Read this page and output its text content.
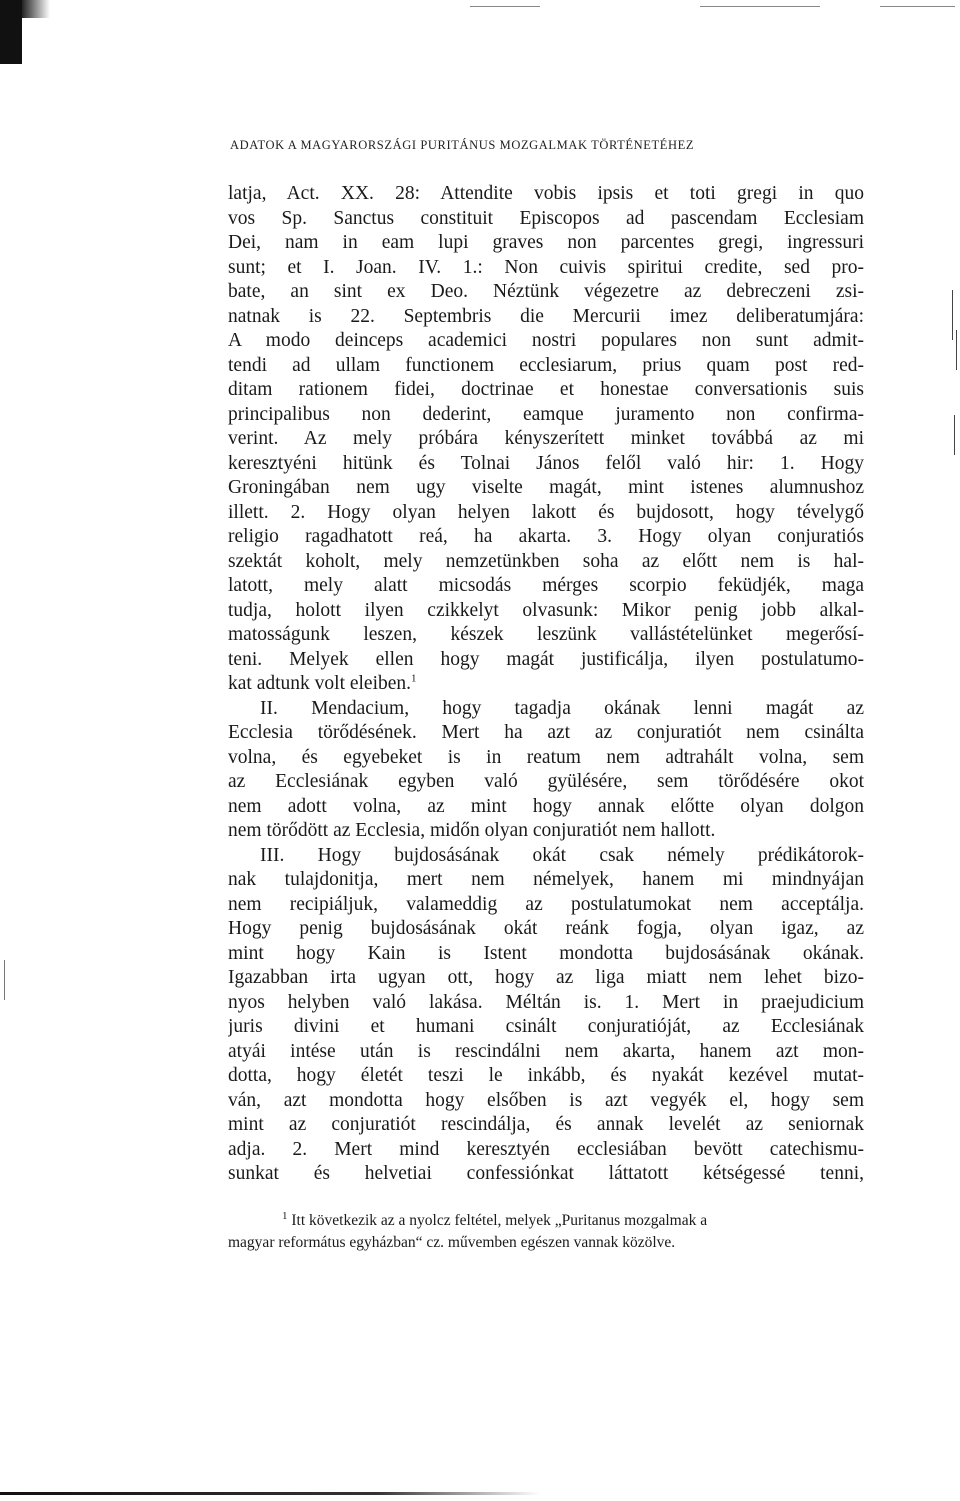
ADATOK A MAGYARORSZÁGI PURITÁNUS MOZGALMAK TÖRTÉNETÉHEZ
latja, Act. XX. 28: Attendite vobis ipsis et toti gregi in quo
vos Sp. Sanctus constituit Episcopos ad pascendam Ecclesiam
Dei, nam in eam lupi graves non parcentes gregi, ingressuri
sunt; et I. Joan. IV. 1.: Non cuivis spiritui credite, sed pro-
bate, an sint ex Deo. Néztünk végezetre az debreczeni zsi-
natnak is 22. Septembris die Mercurii imez deliberatumjára:
A modo deinceps academici nostri populares non sunt admit-
tendi ad ullam functionem ecclesiarum, prius quam post red-
ditam rationem fidei, doctrinae et honestae conversationis suis
principalibus non dederint, eamque juramento non confirma-
verint. Az mely próbára kényszerített minket továbbá az mi
keresztyéni hitünk és Tolnai János felől való hir: 1. Hogy
Groningában nem ugy viselte magát, mint istenes alumnushoz
illett. 2. Hogy olyan helyen lakott és bujdosott, hogy tévelygő
religio ragadhatott reá, ha akarta. 3. Hogy olyan conjuratiós
szektát koholt, mely nemzetünkben soha az előtt nem is hal-
latott, mely alatt micsodás mérges scorpio feküdjék, maga
tudja, holott ilyen czikkelyt olvasunk: Mikor penig jobb alkal-
matosságunk leszen, készek leszünk vallástételünket megerősí-
teni. Melyek ellen hogy magát justificálja, ilyen postulatumo-
kat adtunk volt eleiben.$^1$
II. Mendacium, hogy tagadja okának lenni magát az
Ecclesia törődésének. Mert ha azt az conjuratiót nem csinálta
volna, és egyebeket is in reatum nem adtrahált volna, sem
az Ecclesiának egyben való gyülésére, sem törődésére okot
nem adott volna, az mint hogy annak előtte olyan dolgon
nem törődött az Ecclesia, midőn olyan conjuratiót nem hallott.
III. Hogy bujdosásának okát csak némely prédikátorok-
nak tulajdonitja, mert nem némelyek, hanem mi mindnyájan
nem recipiáljuk, valameddig az postulatumokat nem acceptálja.
Hogy penig bujdosásának okát reánk fogja, olyan igaz, az
mint hogy Kain is Istent mondotta bujdosásának okának.
Igazabban irta ugyan ott, hogy az liga miatt nem lehet bizo-
nyos helyben való lakása. Méltán is. 1. Mert in praejudicium
juris divini et humani csinált conjuratióját, az Ecclesiának
atyái intése után is rescindálni nem akarta, hanem azt mon-
dotta, hogy életét teszi le inkább, és nyakát kezével mutat-
ván, azt mondotta hogy elsőben is azt vegyék el, hogy sem
mint az conjuratiót rescindálja, és annak levelét az seniornak
adja. 2. Mert mind keresztyén ecclesiában bevött catechismu-
sunkat és helvetiai confessiónkat láttatott kétségessé tenni,
$^1$ Itt következik az a nyolcz feltétel, melyek „Puritanus mozgalmak a
magyar református egyházban“ cz. művemben egészen vannak közölve.
